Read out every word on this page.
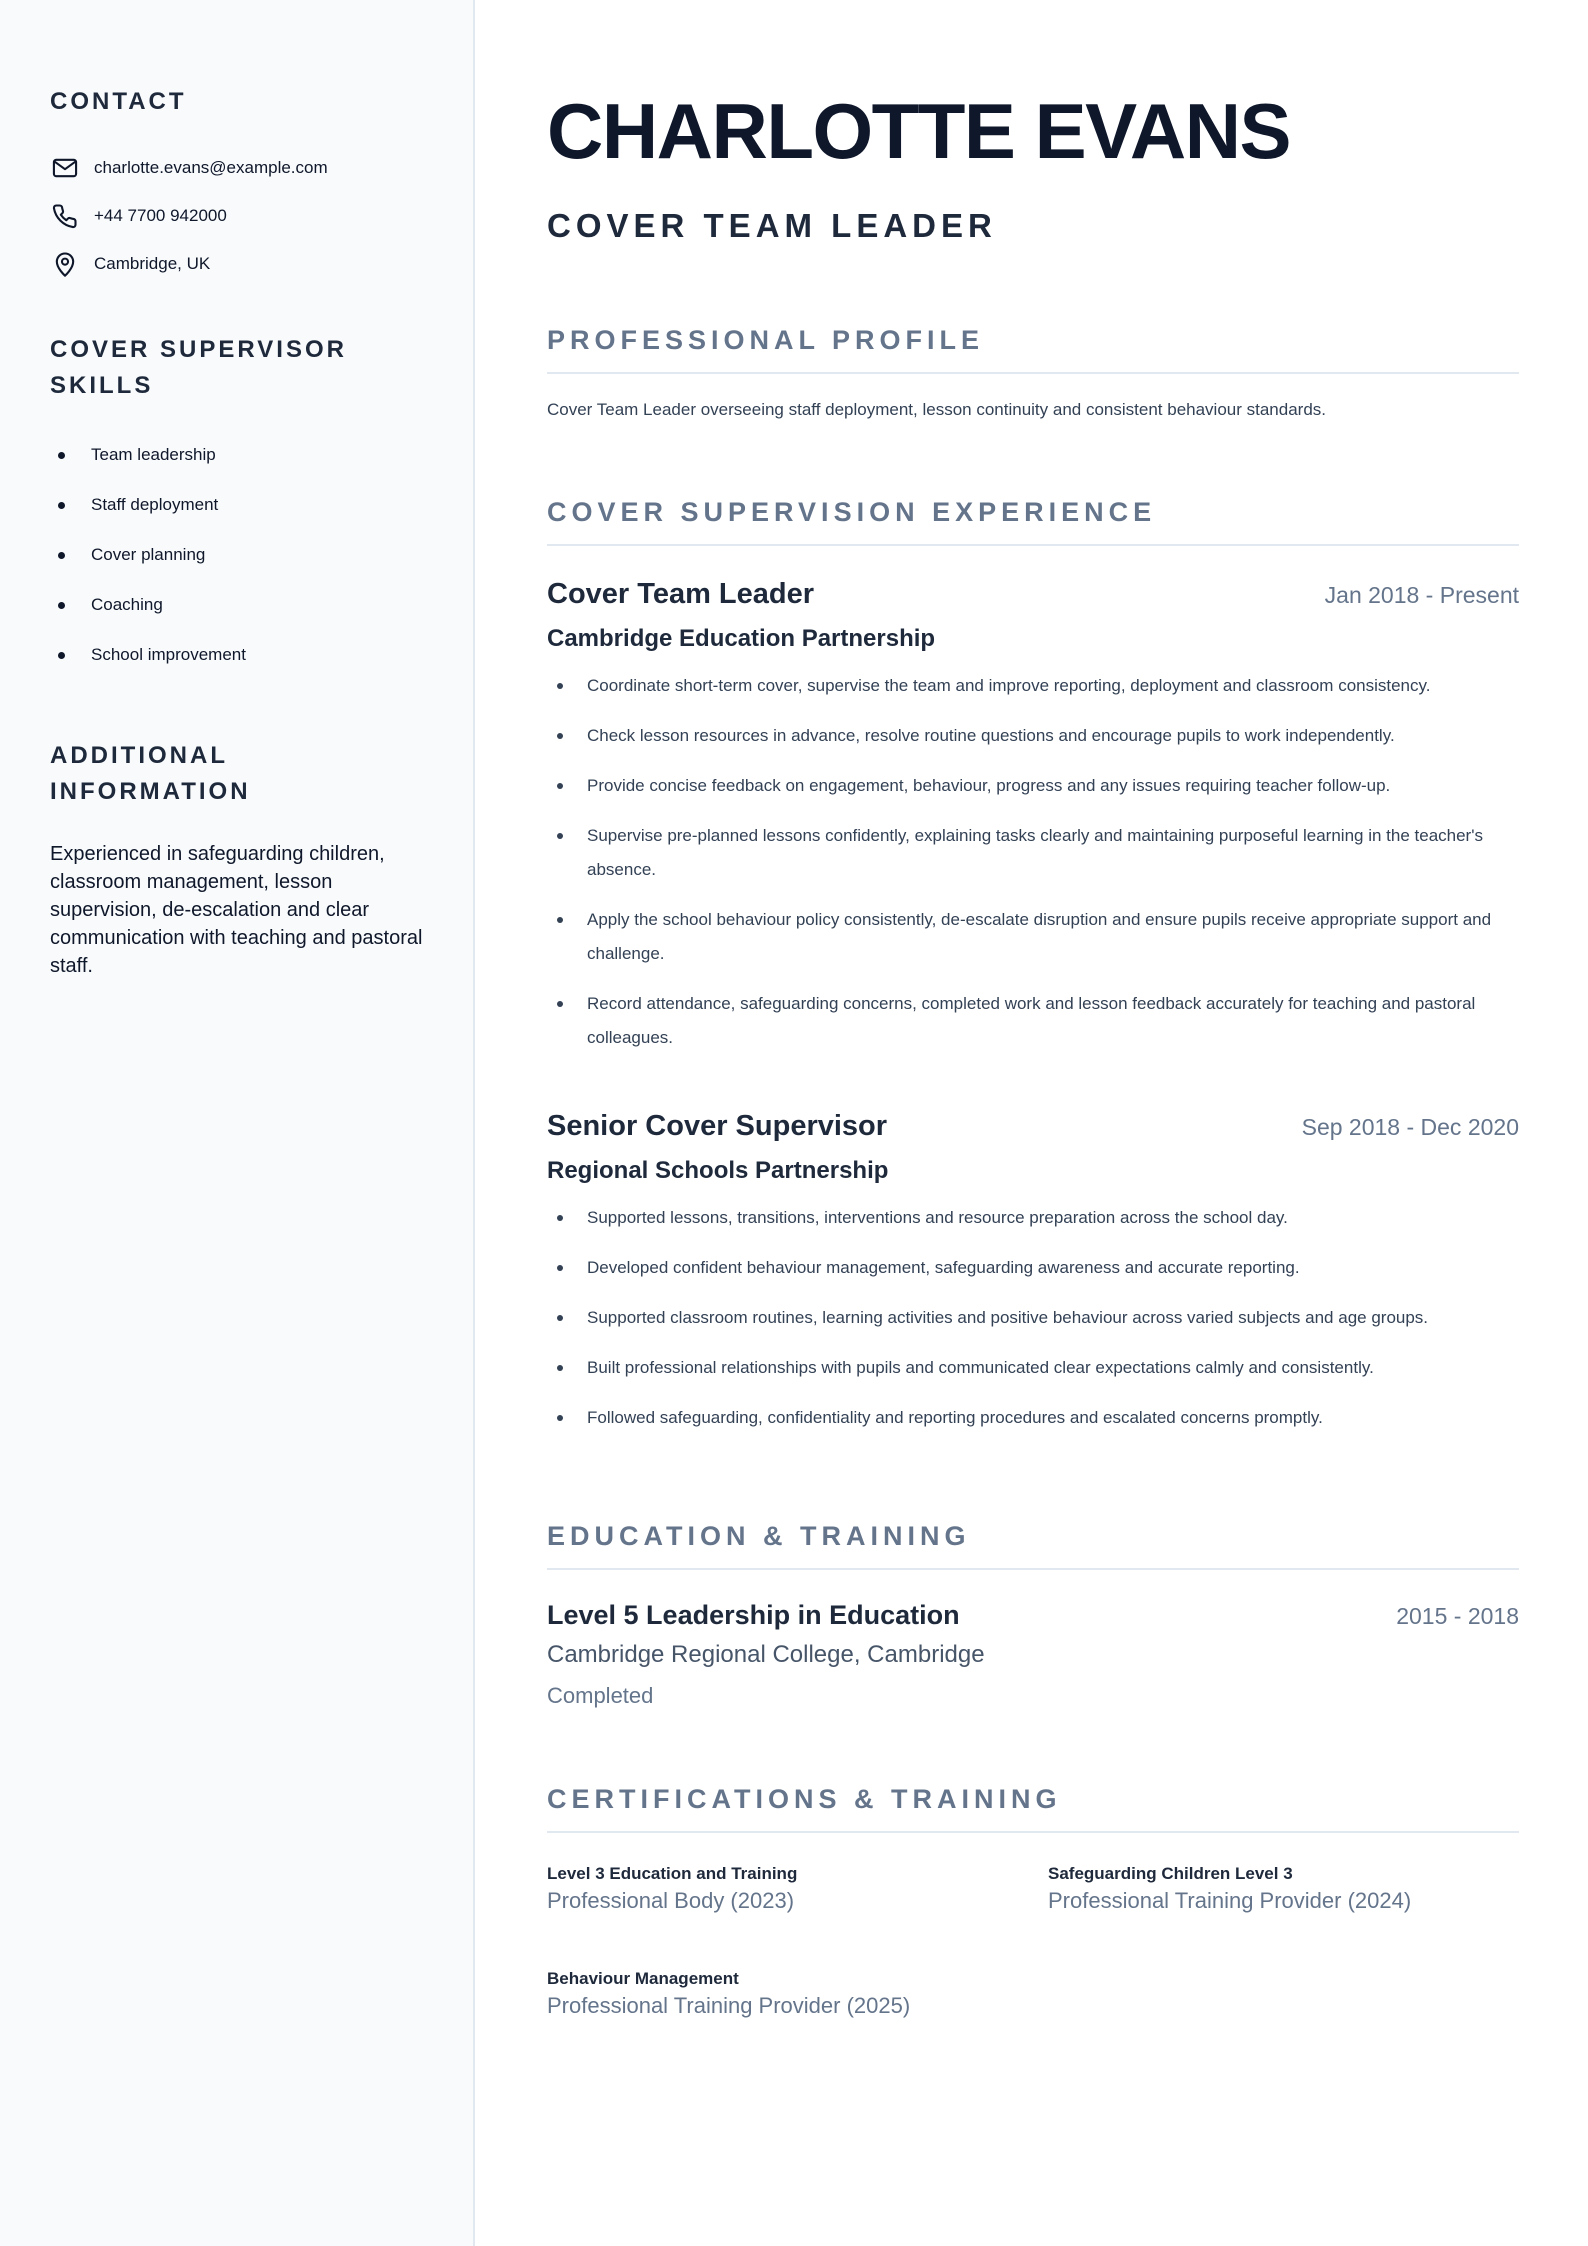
CONTACT
charlotte.evans@example.com
+44 7700 942000
Cambridge, UK
COVER SUPERVISOR SKILLS
Team leadership
Staff deployment
Cover planning
Coaching
School improvement
ADDITIONAL INFORMATION

Experienced in safeguarding children, classroom management, lesson supervision, de-escalation and clear communication with teaching and pastoral staff.

CHARLOTTE EVANS
COVER TEAM LEADER
PROFESSIONAL PROFILE

Cover Team Leader overseeing staff deployment, lesson continuity and consistent behaviour standards.

COVER SUPERVISION EXPERIENCE
Cover Team Leader	Jan 2018 - Present
Cambridge Education Partnership
Coordinate short-term cover, supervise the team and improve reporting, deployment and classroom consistency.
Check lesson resources in advance, resolve routine questions and encourage pupils to work independently.
Provide concise feedback on engagement, behaviour, progress and any issues requiring teacher follow-up.
Supervise pre-planned lessons confidently, explaining tasks clearly and maintaining purposeful learning in the teacher's absence.
Apply the school behaviour policy consistently, de-escalate disruption and ensure pupils receive appropriate support and challenge.
Record attendance, safeguarding concerns, completed work and lesson feedback accurately for teaching and pastoral colleagues.
Senior Cover Supervisor	Sep 2018 - Dec 2020
Regional Schools Partnership
Supported lessons, transitions, interventions and resource preparation across the school day.
Developed confident behaviour management, safeguarding awareness and accurate reporting.
Supported classroom routines, learning activities and positive behaviour across varied subjects and age groups.
Built professional relationships with pupils and communicated clear expectations calmly and consistently.
Followed safeguarding, confidentiality and reporting procedures and escalated concerns promptly.
EDUCATION & TRAINING
Level 5 Leadership in Education	2015 - 2018
Cambridge Regional College, Cambridge
Completed
CERTIFICATIONS & TRAINING
Level 3 Education and Training
Professional Body (2023)
Safeguarding Children Level 3
Professional Training Provider (2024)
Behaviour Management
Professional Training Provider (2025)
